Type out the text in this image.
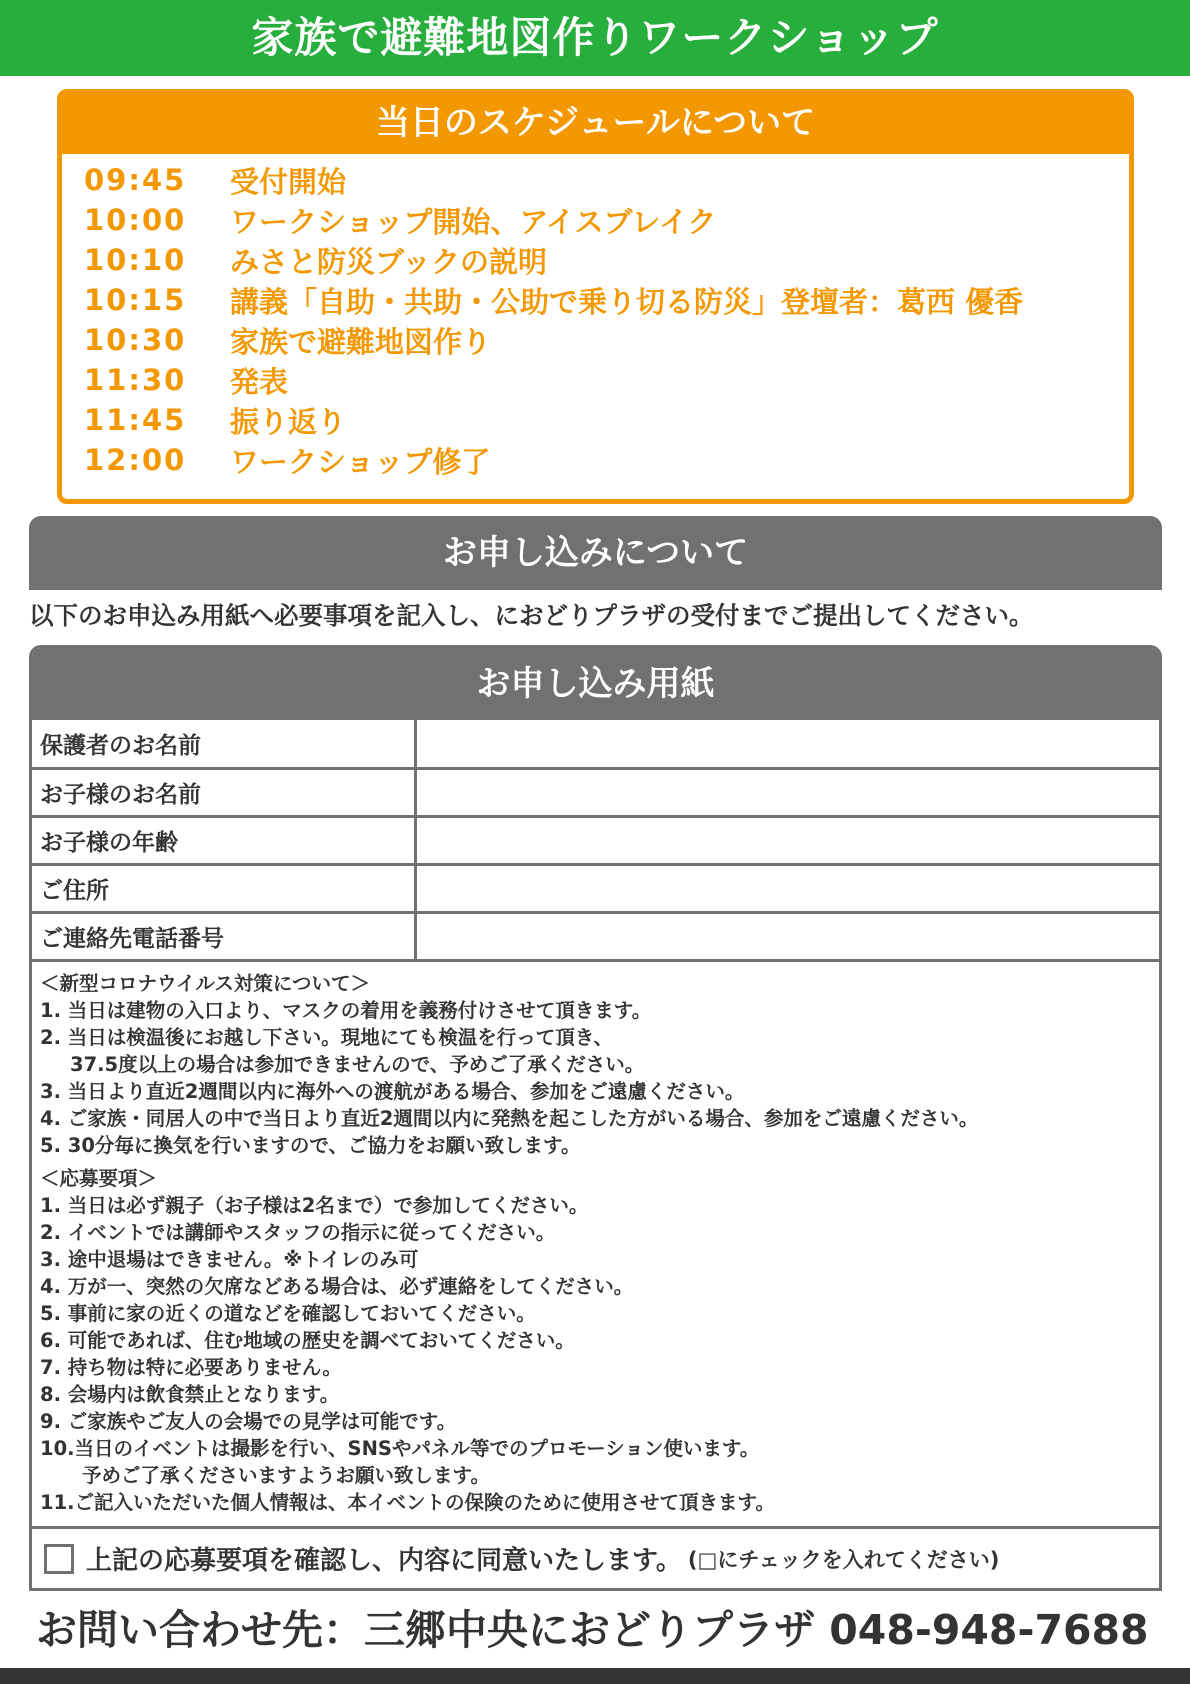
家族で避難地図作りワークショップ
当日のスケジュールについて
09:45	受付開始
10:00	ワークショップ開始、アイスブレイク
10:10	みさと防災ブックの説明
10:15	講義「自助・共助・公助で乗り切る防災」登壇者：葛西 優香
10:30	家族で避難地図作り
11:30	発表
11:45	振り返り
12:00	ワークショップ修了
お申し込みについて
以下のお申込み用紙へ必要事項を記入し、におどりプラザの受付までご提出してください。
お申し込み用紙
保護者のお名前	
お子様のお名前	
お子様の年齢	
ご住所	
ご連絡先電話番号	
＜新型コロナウイルス対策について＞
1. 当日は建物の入口より、マスクの着用を義務付けさせて頂きます。
2. 当日は検温後にお越し下さい。現地にても検温を行って頂き、
37.5度以上の場合は参加できませんので、予めご了承ください。
3. 当日より直近2週間以内に海外への渡航がある場合、参加をご遠慮ください。
4. ご家族・同居人の中で当日より直近2週間以内に発熱を起こした方がいる場合、参加をご遠慮ください。
5. 30分毎に換気を行いますので、ご協力をお願い致します。
＜応募要項＞
1. 当日は必ず親子（お子様は2名まで）で参加してください。
2. イベントでは講師やスタッフの指示に従ってください。
3. 途中退場はできません。※トイレのみ可
4. 万が一、突然の欠席などある場合は、必ず連絡をしてください。
5. 事前に家の近くの道などを確認しておいてください。
6. 可能であれば、住む地域の歴史を調べておいてください。
7. 持ち物は特に必要ありません。
8. 会場内は飲食禁止となります。
9. ご家族やご友人の会場での見学は可能です。
10.当日のイベントは撮影を行い、SNSやパネル等でのプロモーション使います。
予めご了承くださいますようお願い致します。
11.ご記入いただいた個人情報は、本イベントの保険のために使用させて頂きます。
上記の応募要項を確認し、内容に同意いたします。 (□にチェックを入れてください)
お問い合わせ先：三郷中央におどりプラザ 048-948-7688
